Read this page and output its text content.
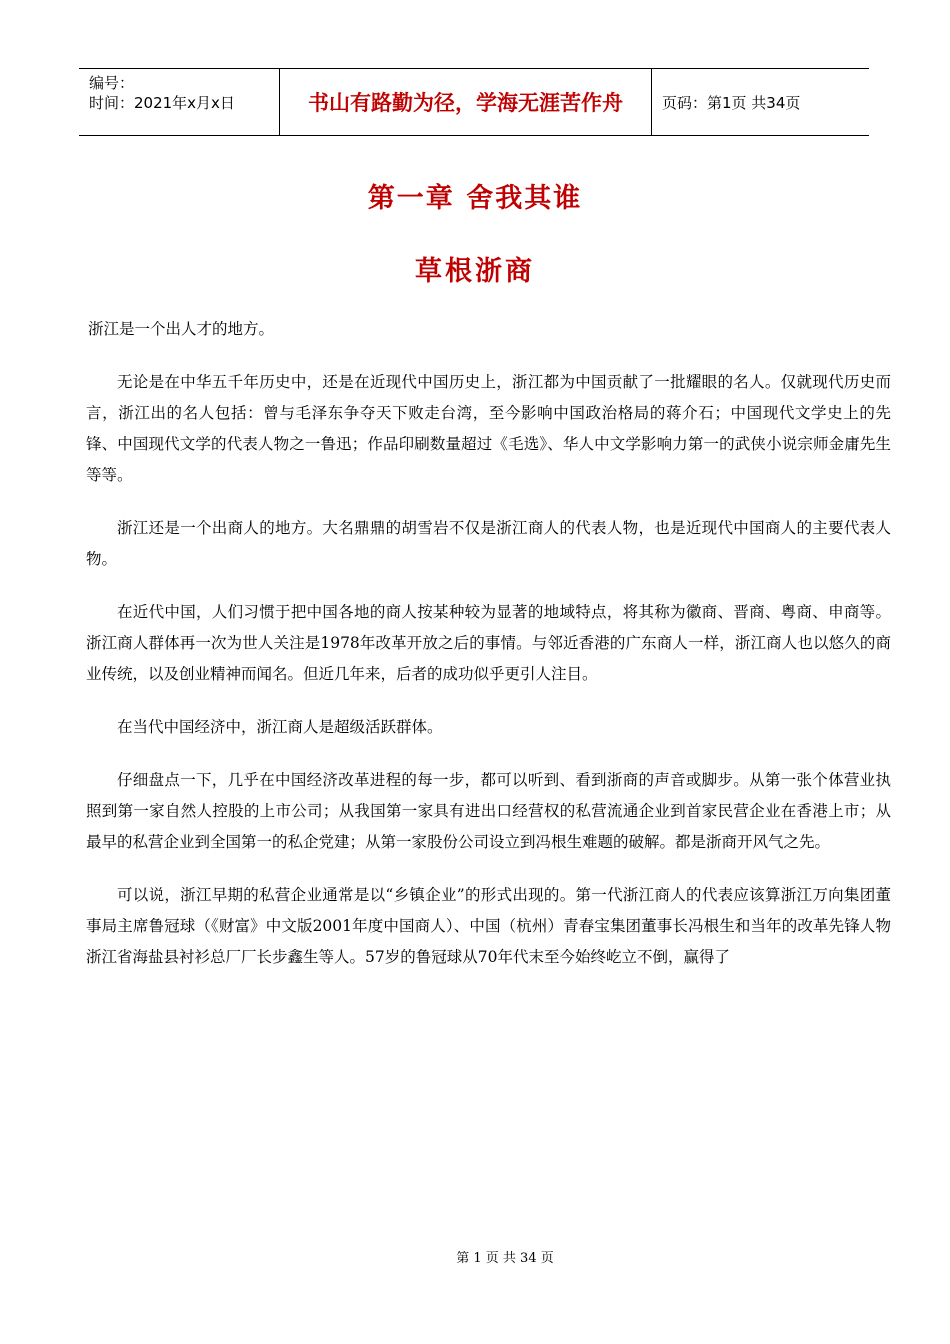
编号：
时间：2021年x月x日	书山有路勤为径，学海无涯苦作舟	页码：第1页 共34页
第一章 舍我其谁
草根浙商

浙江是一个出人才的地方。

无论是在中华五千年历史中，还是在近现代中国历史上，浙江都为中国贡献了一批耀眼的名人。仅就现代历史而言，浙江出的名人包括：曾与毛泽东争夺天下败走台湾，至今影响中国政治格局的蒋介石；中国现代文学史上的先锋、中国现代文学的代表人物之一鲁迅；作品印刷数量超过《毛选》、华人中文学影响力第一的武侠小说宗师金庸先生等等。

浙江还是一个出商人的地方。大名鼎鼎的胡雪岩不仅是浙江商人的代表人物，也是近现代中国商人的主要代表人物。

在近代中国，人们习惯于把中国各地的商人按某种较为显著的地域特点，将其称为徽商、晋商、粤商、申商等。浙江商人群体再一次为世人关注是1978年改革开放之后的事情。与邻近香港的广东商人一样，浙江商人也以悠久的商业传统，以及创业精神而闻名。但近几年来，后者的成功似乎更引人注目。

在当代中国经济中，浙江商人是超级活跃群体。

仔细盘点一下，几乎在中国经济改革进程的每一步，都可以听到、看到浙商的声音或脚步。从第一张个体营业执照到第一家自然人控股的上市公司；从我国第一家具有进出口经营权的私营流通企业到首家民营企业在香港上市；从最早的私营企业到全国第一的私企党建；从第一家股份公司设立到冯根生难题的破解。都是浙商开风气之先。

可以说，浙江早期的私营企业通常是以“乡镇企业”的形式出现的。第一代浙江商人的代表应该算浙江万向集团董事局主席鲁冠球（《财富》中文版2001年度中国商人）、中国（杭州）青春宝集团董事长冯根生和当年的改革先锋人物浙江省海盐县衬衫总厂厂长步鑫生等人。57岁的鲁冠球从70年代末至今始终屹立不倒，赢得了

第 1 页 共 34 页
